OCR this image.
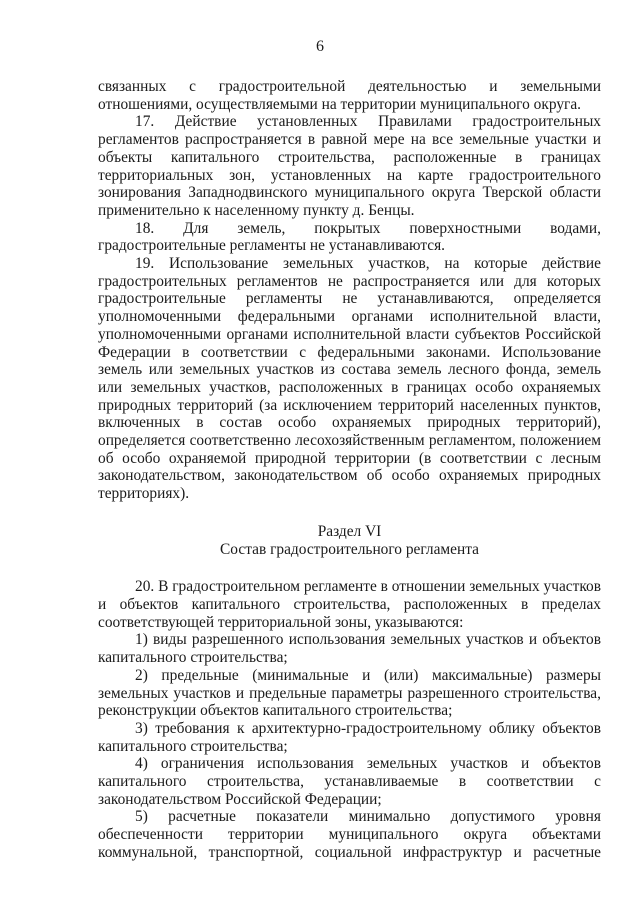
6

связанных с градостроительной деятельностью и земельными отношениями, осуществляемыми на территории муниципального округа.

17. Действие установленных Правилами градостроительных регламентов распространяется в равной мере на все земельные участки и объекты капитального строительства, расположенные в границах территориальных зон, установленных на карте градостроительного зонирования Западнодвинского муниципального округа Тверской области применительно к населенному пункту д. Бенцы.

18. Для земель, покрытых поверхностными водами, градостроительные регламенты не устанавливаются.

19. Использование земельных участков, на которые действие градостроительных регламентов не распространяется или для которых градостроительные регламенты не устанавливаются, определяется уполномоченными федеральными органами исполнительной власти, уполномоченными органами исполнительной власти субъектов Российской Федерации в соответствии с федеральными законами. Использование земель или земельных участков из состава земель лесного фонда, земель или земельных участков, расположенных в границах особо охраняемых природных территорий (за исключением территорий населенных пунктов, включенных в состав особо охраняемых природных территорий), определяется соответственно лесохозяйственным регламентом, положением об особо охраняемой природной территории (в соответствии с лесным законодательством, законодательством об особо охраняемых природных территориях).

Раздел VI

Состав градостроительного регламента

20. В градостроительном регламенте в отношении земельных участков и объектов капитального строительства, расположенных в пределах соответствующей территориальной зоны, указываются:

1) виды разрешенного использования земельных участков и объектов капитального строительства;

2) предельные (минимальные и (или) максимальные) размеры земельных участков и предельные параметры разрешенного строительства, реконструкции объектов капитального строительства;

3) требования к архитектурно-градостроительному облику объектов капитального строительства;

4) ограничения использования земельных участков и объектов капитального строительства, устанавливаемые в соответствии с законодательством Российской Федерации;

5) расчетные показатели минимально допустимого уровня обеспеченности территории муниципального округа объектами коммунальной, транспортной, социальной инфраструктур и расчетные
